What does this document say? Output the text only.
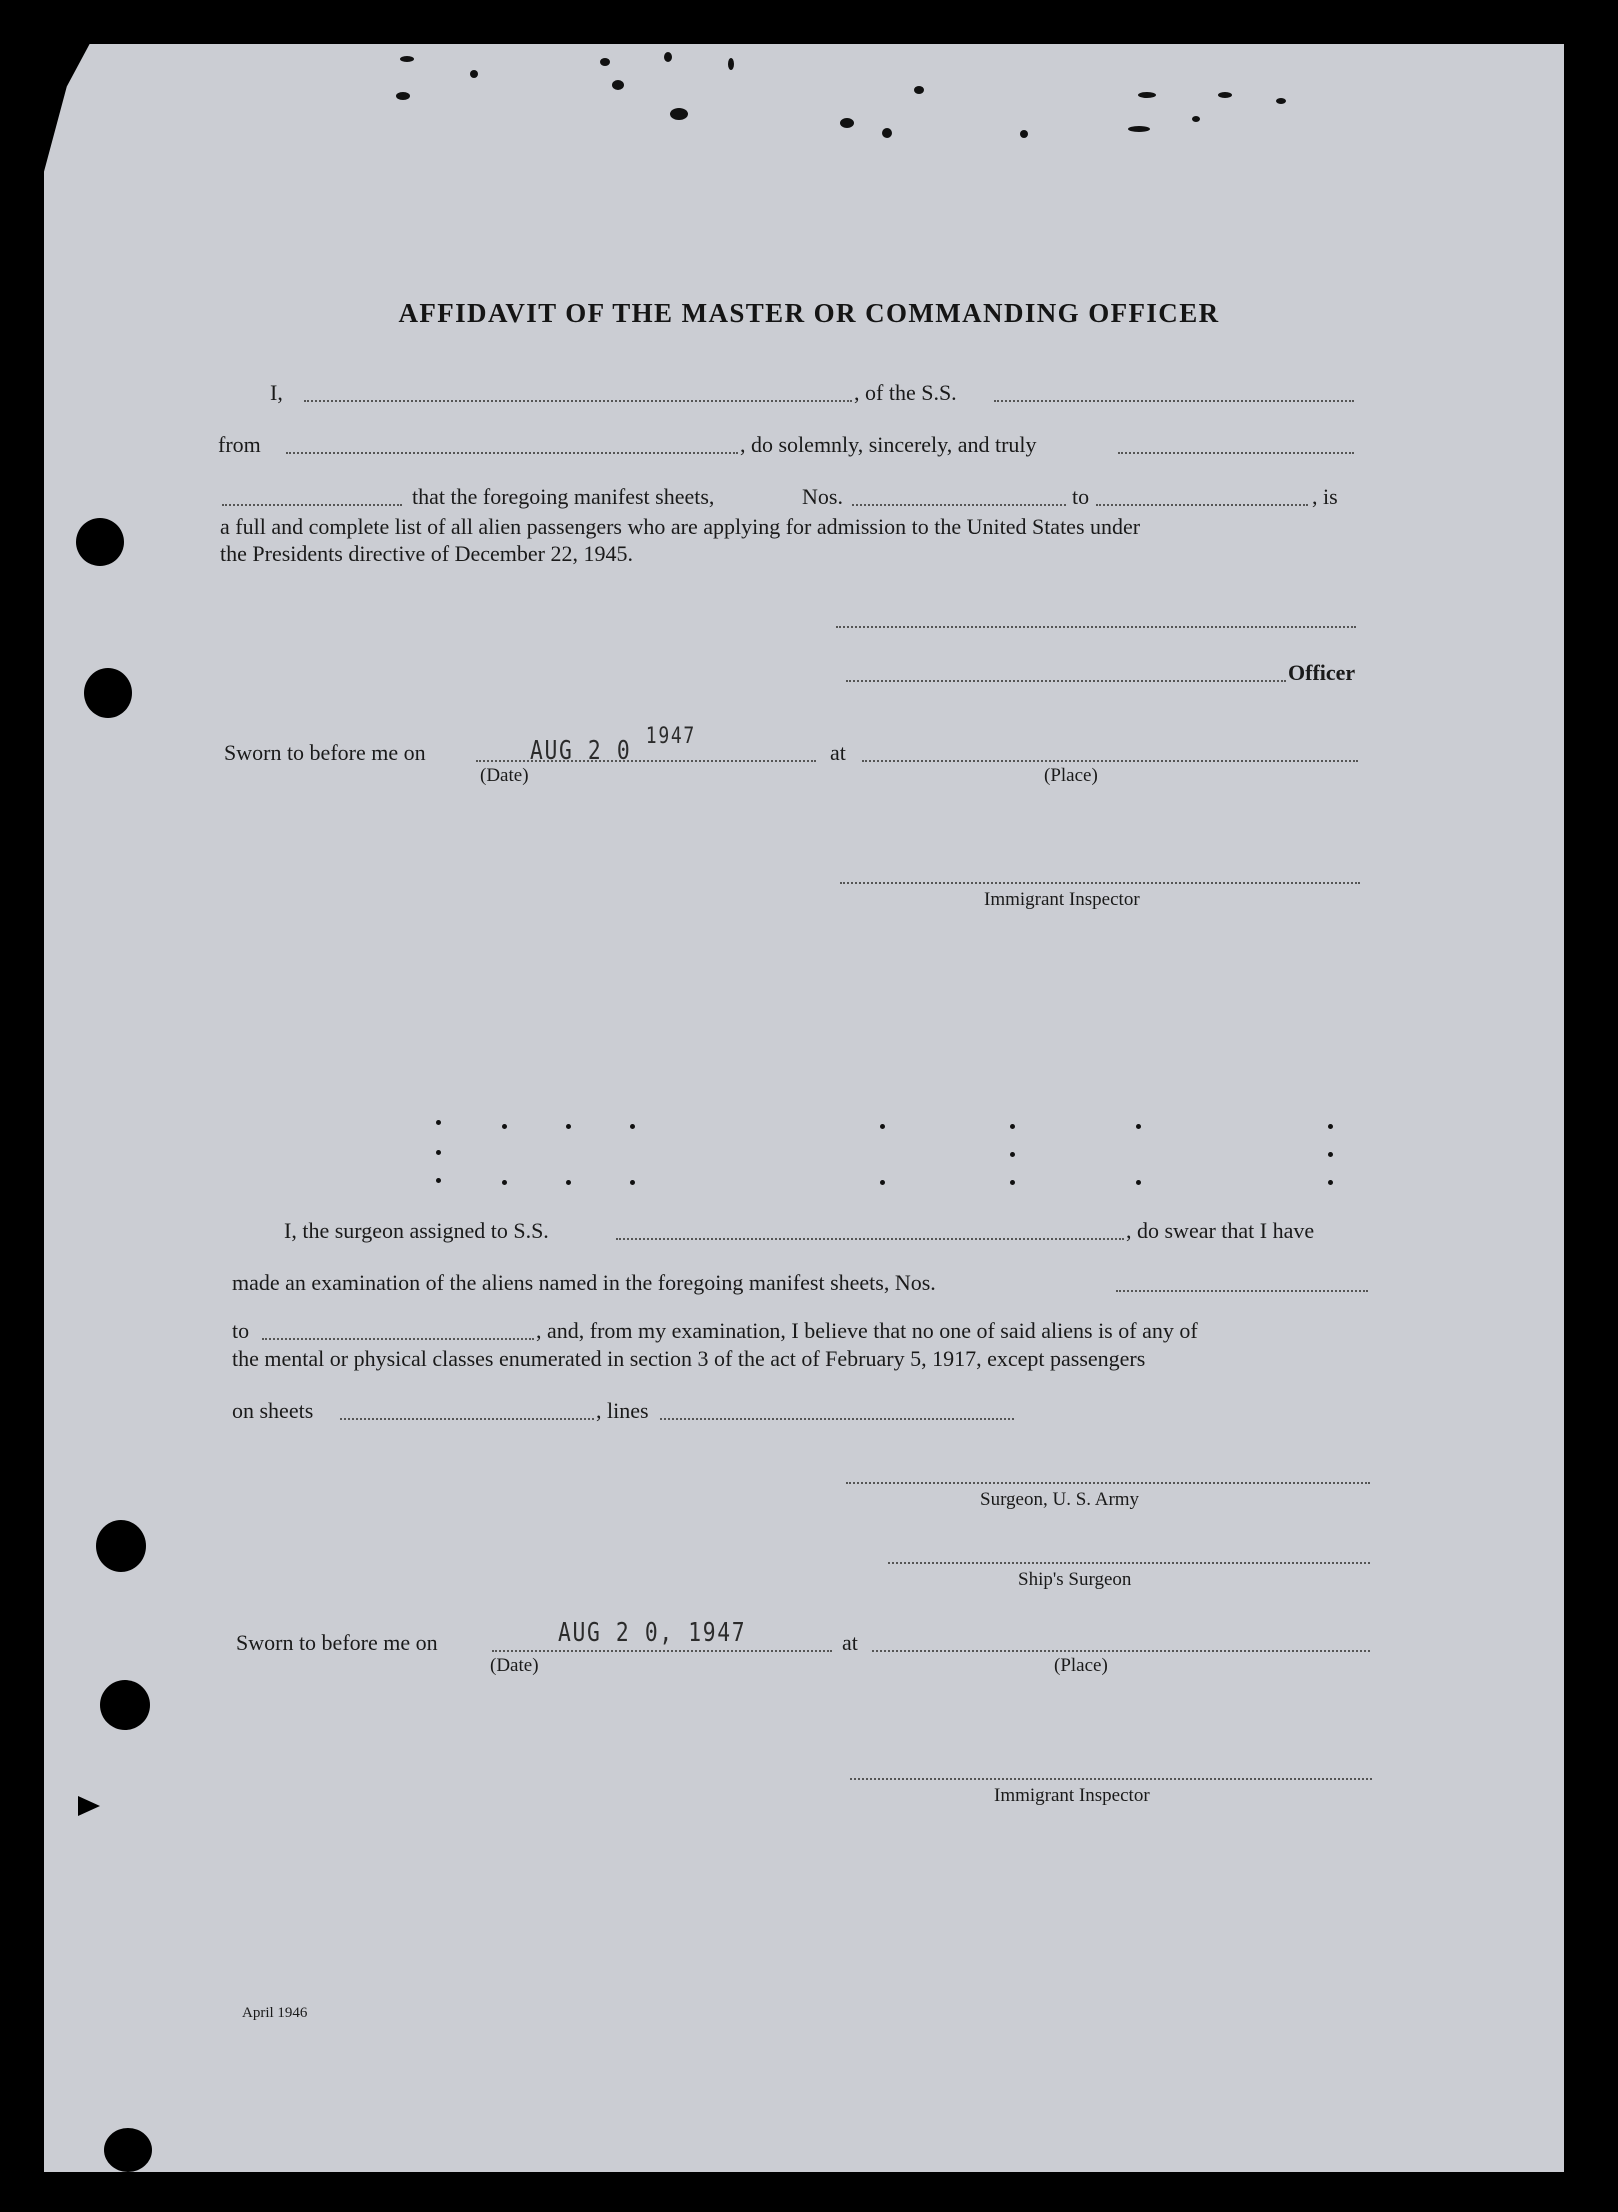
AFFIDAVIT OF THE MASTER OR COMMANDING OFFICER
I,	, of the S.S.
from	, do solemnly, sincerely, and truly
that the foregoing manifest sheets,	Nos.	to	, is
a full and complete list of all alien passengers who are applying for admission to the United States under
the Presidents directive of December 22, 1945.
Officer
Sworn to before me on	AUG 2 0 $^{1947}$
(Date)
at
(Place)
Immigrant Inspector
I, the surgeon assigned to S.S.	, do swear that I have
made an examination of the aliens named in the foregoing manifest sheets, Nos.
to	, and, from my examination, I believe that no one of said aliens is of any of
the mental or physical classes enumerated in section 3 of the act of February 5, 1917, except passengers
on sheets	, lines
Surgeon, U. S. Army
Ship's Surgeon
Sworn to before me on	AUG 2 0, 1947
(Date)
at
(Place)
Immigrant Inspector
April 1946
